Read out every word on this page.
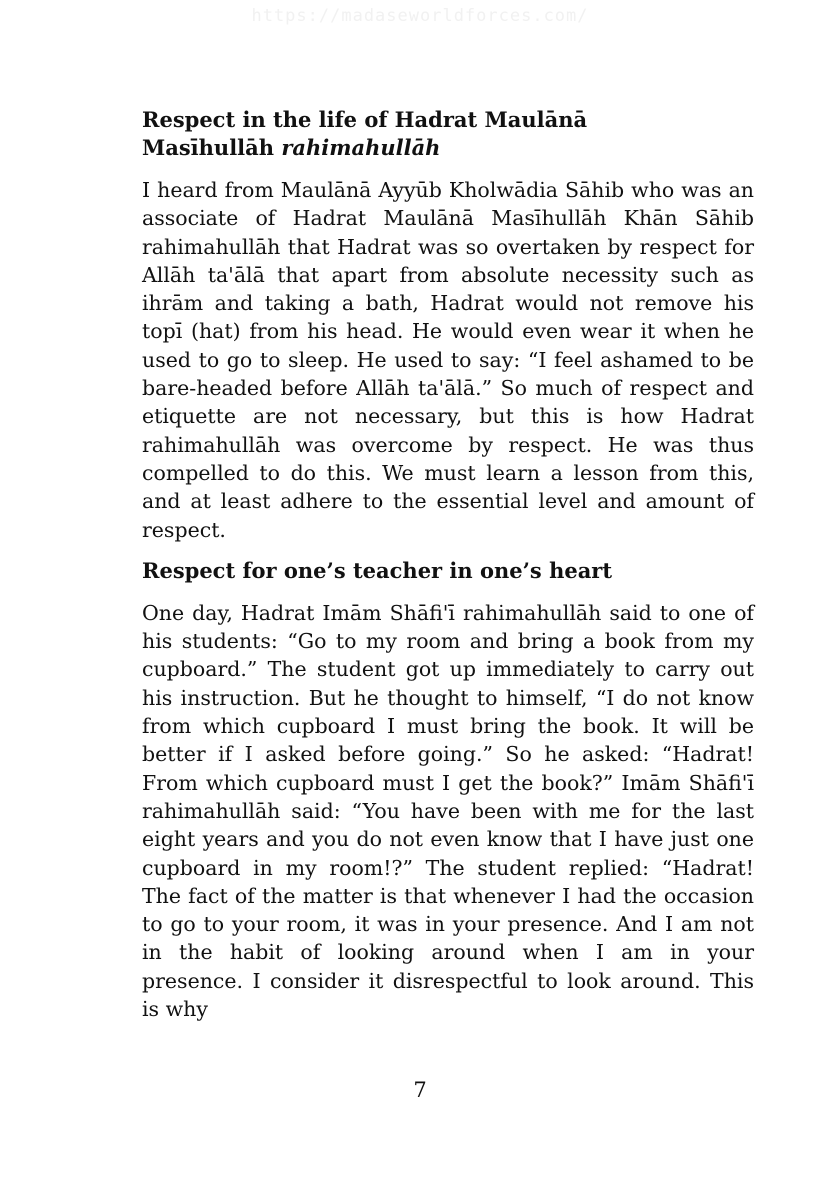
https://madaseworldforces.com/
Respect in the life of Hadrat Maulānā
Masīhullāh rahimahullāh

I heard from Maulānā Ayyūb Kholwādia Sāhib who was an associate of Hadrat Maulānā Masīhullāh Khān Sāhib rahimahullāh that Hadrat was so overtaken by respect for Allāh ta'ālā that apart from absolute necessity such as ihrām and taking a bath, Hadrat would not remove his topī (hat) from his head. He would even wear it when he used to go to sleep. He used to say: “I feel ashamed to be bare-headed before Allāh ta'ālā.” So much of respect and etiquette are not necessary, but this is how Hadrat rahimahullāh was overcome by respect. He was thus compelled to do this. We must learn a lesson from this, and at least adhere to the essential level and amount of respect.

Respect for one’s teacher in one’s heart

One day, Hadrat Imām Shāfi'ī rahimahullāh said to one of his students: “Go to my room and bring a book from my cupboard.” The student got up immediately to carry out his instruction. But he thought to himself, “I do not know from which cupboard I must bring the book. It will be better if I asked before going.” So he asked: “Hadrat! From which cupboard must I get the book?” Imām Shāfi'ī rahimahullāh said: “You have been with me for the last eight years and you do not even know that I have just one cupboard in my room!?” The student replied: “Hadrat! The fact of the matter is that whenever I had the occasion to go to your room, it was in your presence. And I am not in the habit of looking around when I am in your presence. I consider it disrespectful to look around. This is why

7
